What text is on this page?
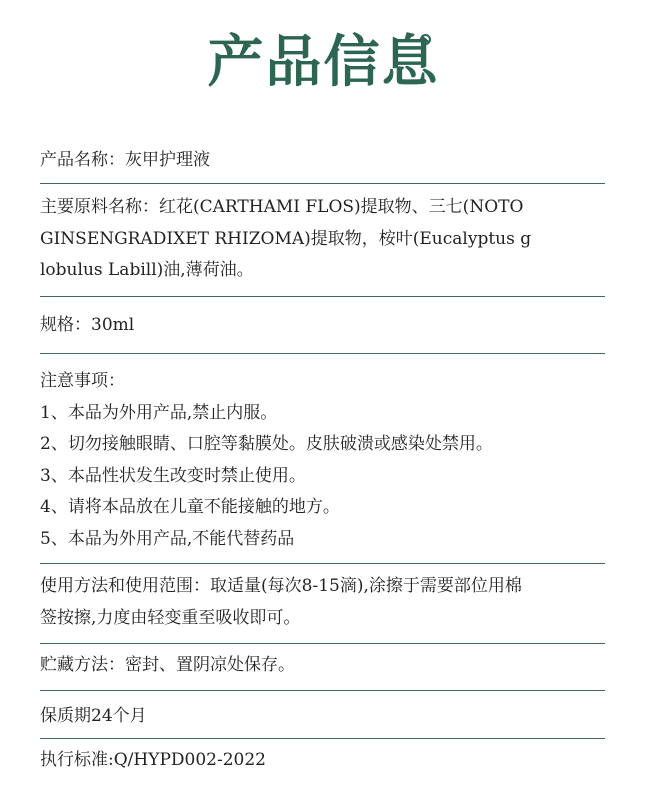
产品信息
产品名称：灰甲护理液
主要原料名称：红花(CARTHAMI FLOS)提取物、三七(NOTO
GINSENGRADIXET RHIZOMA)提取物，桉叶(Eucalyptus g
lobulus Labill)油,薄荷油。
规格：30ml
注意事项：
1、本品为外用产品,禁止内服。
2、切勿接触眼睛、口腔等黏膜处。皮肤破溃或感染处禁用。
3、本品性状发生改变时禁止使用。
4、请将本品放在儿童不能接触的地方。
5、本品为外用产品,不能代替药品
使用方法和使用范围：取适量(每次8-15滴),涂擦于需要部位用棉
签按擦,力度由轻变重至吸收即可。
贮藏方法：密封、置阴凉处保存。
保质期24个月
执行标准:Q/HYPD002-2022
